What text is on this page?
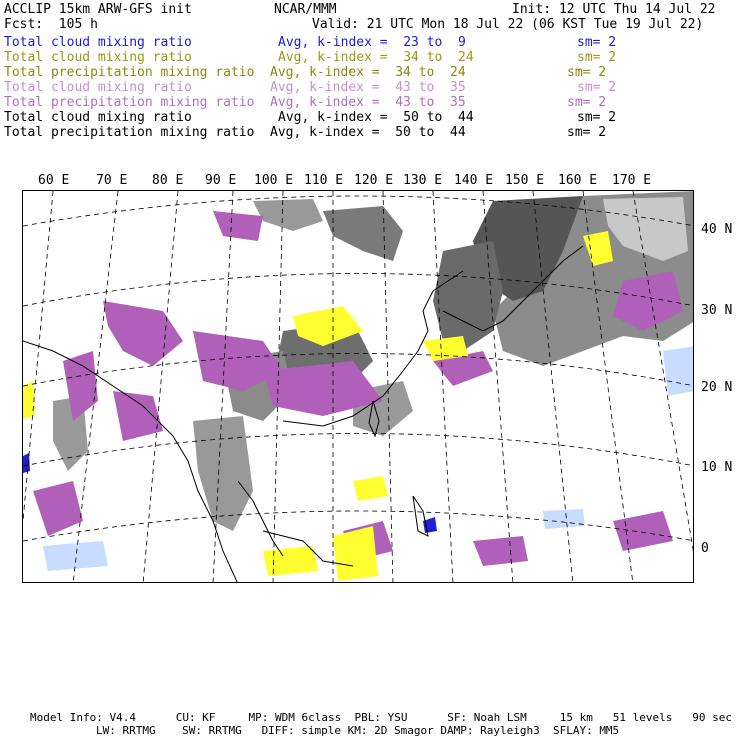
ACCLIP 15km ARW-GFS init	NCAR/MMM	Init: 12 UTC Thu 14 Jul 22
Fcst:  105 h	Valid: 21 UTC Mon 18 Jul 22 (06 KST Tue 19 Jul 22)
Total cloud mixing ratio	Avg, k-index =  23 to  9	sm= 2
Total cloud mixing ratio	Avg, k-index =  34 to  24	sm= 2
Total precipitation mixing ratio Avg, k-index =  34 to  24	sm= 2
Total cloud mixing ratio	Avg, k-index =  43 to  35	sm= 2
Total precipitation mixing ratio Avg, k-index =  43 to  35	sm= 2
Total cloud mixing ratio	Avg, k-index =  50 to  44	sm= 2
Total precipitation mixing ratio Avg, k-index =  50 to  44	sm= 2
60 E 70 E 80 E 90 E 100 E 110 E 120 E 130 E 140 E 150 E 160 E 170 E
40 N
30 N
20 N
10 N
0
Model Info: V4.4      CU: KF     MP: WDM 6class  PBL: YSU      SF: Noah LSM     15 km   51 levels   90 sec
LW: RRTMG    SW: RRTMG   DIFF: simple KM: 2D Smagor DAMP: Rayleigh3  SFLAY: MM5
